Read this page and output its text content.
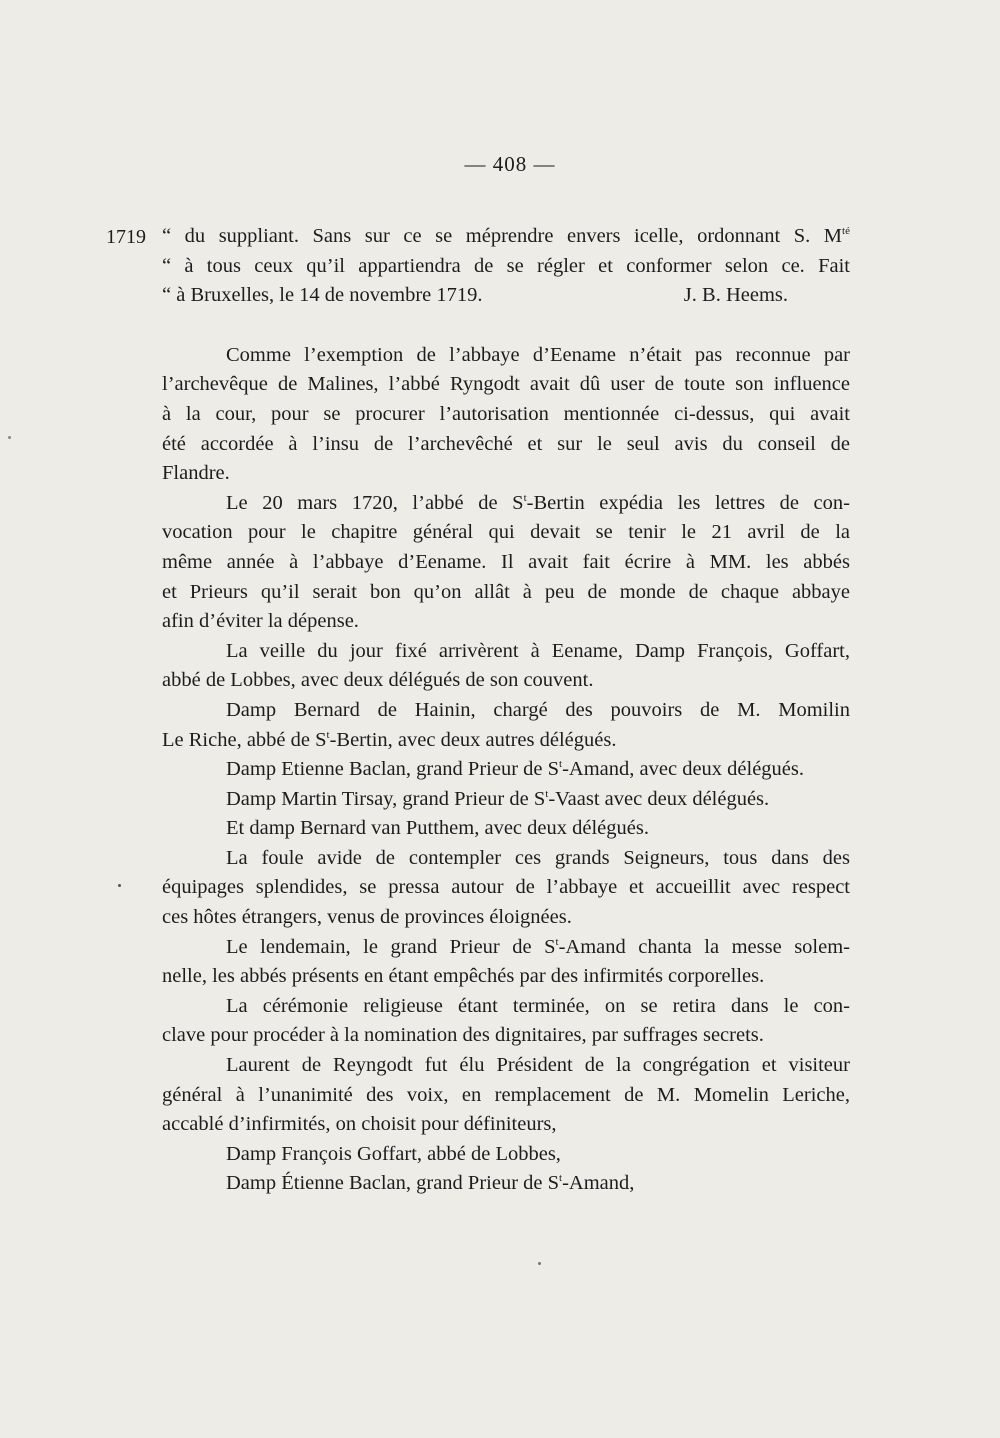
— 408 —
1719 “ du suppliant. Sans sur ce se méprendre envers icelle, ordonnant S. $M^{té}$
“ à tous ceux qu’il appartiendra de se régler et conformer selon ce. Fait
“ à Bruxelles, le 14 de novembre 1719.	J. B. Heems.
Comme l’exemption de l’abbaye d’Eename n’était pas reconnue par
l’archevêque de Malines, l’abbé Ryngodt avait dû user de toute son influence
à la cour, pour se procurer l’autorisation mentionnée ci-dessus, qui avait
été accordée à l’insu de l’archevêché et sur le seul avis du conseil de
Flandre.
Le 20 mars 1720, l’abbé de $S^t$-Bertin expédia les lettres de con-
vocation pour le chapitre général qui devait se tenir le 21 avril de la
même année à l’abbaye d’Eename. Il avait fait écrire à MM. les abbés
et Prieurs qu’il serait bon qu’on allât à peu de monde de chaque abbaye
afin d’éviter la dépense.
La veille du jour fixé arrivèrent à Eename, Damp François, Goffart,
abbé de Lobbes, avec deux délégués de son couvent.
Damp Bernard de Hainin, chargé des pouvoirs de M. Momilin
Le Riche, abbé de $S^t$-Bertin, avec deux autres délégués.
Damp Etienne Baclan, grand Prieur de $S^t$-Amand, avec deux délégués.
Damp Martin Tirsay, grand Prieur de $S^t$-Vaast avec deux délégués.
Et damp Bernard van Putthem, avec deux délégués.
La foule avide de contempler ces grands Seigneurs, tous dans des
équipages splendides, se pressa autour de l’abbaye et accueillit avec respect
ces hôtes étrangers, venus de provinces éloignées.
Le lendemain, le grand Prieur de $S^t$-Amand chanta la messe solem-
nelle, les abbés présents en étant empêchés par des infirmités corporelles.
La cérémonie religieuse étant terminée, on se retira dans le con-
clave pour procéder à la nomination des dignitaires, par suffrages secrets.
Laurent de Reyngodt fut élu Président de la congrégation et visiteur
général à l’unanimité des voix, en remplacement de M. Momelin Leriche,
accablé d’infirmités, on choisit pour définiteurs,
Damp François Goffart, abbé de Lobbes,
Damp Étienne Baclan, grand Prieur de $S^t$-Amand,
